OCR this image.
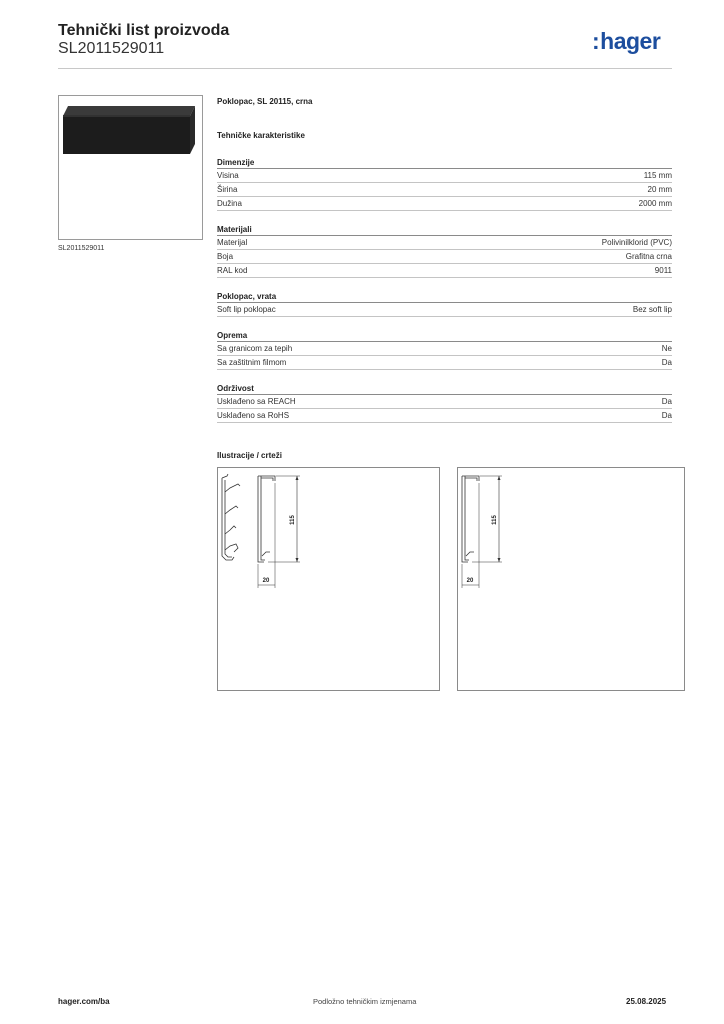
Tehnički list proizvoda
SL2011529011	:hager
SL2011529011
Poklopac, SL 20115, crna
Tehničke karakteristike
Dimenzije
Visina	115 mm
Širina	20 mm
Dužina	2000 mm
Materijali
Materijal	Polivinilklorid (PVC)
Boja	Grafitna crna
RAL kod	9011
Poklopac, vrata
Soft lip poklopac	Bez soft lip
Oprema
Sa granicom za tepih	Ne
Sa zaštitnim filmom	Da
Održivost
Usklađeno sa REACH	Da
Usklađeno sa RoHS	Da
Ilustracije / crteži
115
20
115
20
hager.com/ba	Podložno tehničkim izmjenama	25.08.2025
